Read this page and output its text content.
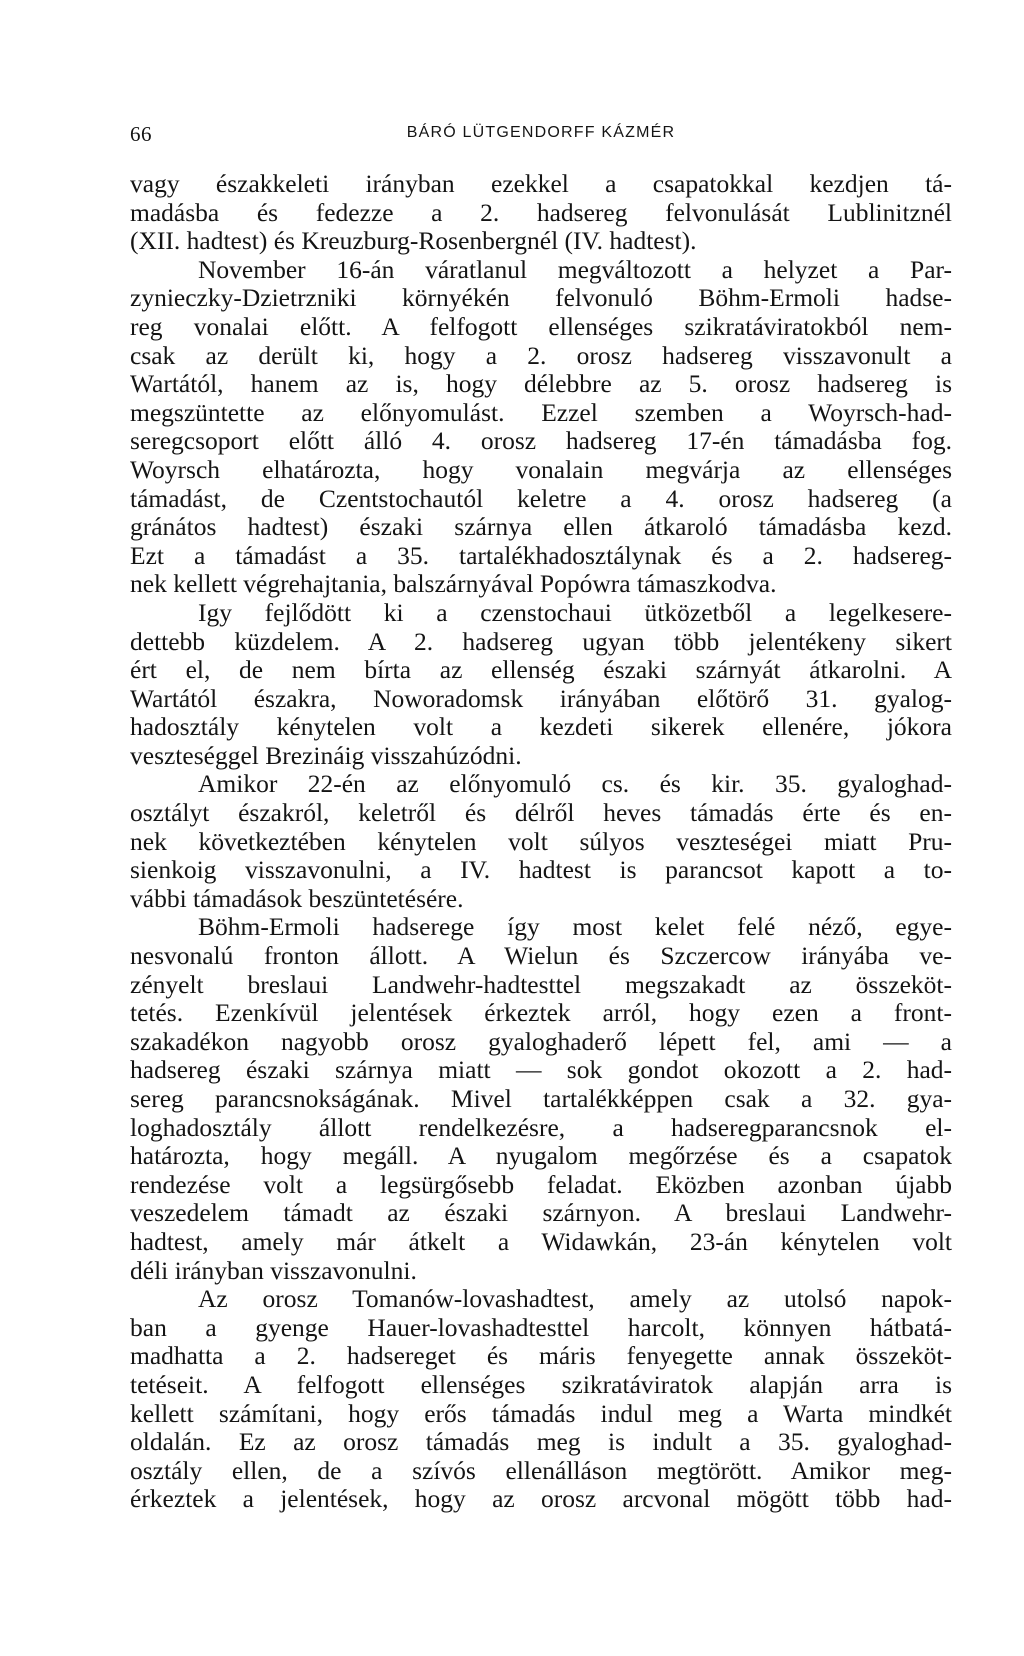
66	BÁRÓ LÜTGENDORFF KÁZMÉR
vagy északkeleti irányban ezekkel a csapatokkal kezdjen tá-
madásba és fedezze a 2. hadsereg felvonulását Lublinitznél
(XII. hadtest) és Kreuzburg-Rosenbergnél (IV. hadtest).
November 16-án váratlanul megváltozott a helyzet a Par-
zynieczky-Dzietrzniki környékén felvonuló Böhm-Ermoli hadse-
reg vonalai előtt. A felfogott ellenséges szikratáviratokból nem-
csak az derült ki, hogy a 2. orosz hadsereg visszavonult a
Wartától, hanem az is, hogy délebbre az 5. orosz hadsereg is
megszüntette az előnyomulást. Ezzel szemben a Woyrsch-had-
seregcsoport előtt álló 4. orosz hadsereg 17-én támadásba fog.
Woyrsch elhatározta, hogy vonalain megvárja az ellenséges
támadást, de Czentstochautól keletre a 4. orosz hadsereg (a
gránátos hadtest) északi szárnya ellen átkaroló támadásba kezd.
Ezt a támadást a 35. tartalékhadosztálynak és a 2. hadsereg-
nek kellett végrehajtania, balszárnyával Popówra támaszkodva.
Igy fejlődött ki a czenstochaui ütközetből a legelkesere-
dettebb küzdelem. A 2. hadsereg ugyan több jelentékeny sikert
ért el, de nem bírta az ellenség északi szárnyát átkarolni. A
Wartától északra, Noworadomsk irányában előtörő 31. gyalog-
hadosztály kénytelen volt a kezdeti sikerek ellenére, jókora
veszteséggel Brezináig visszahúzódni.
Amikor 22-én az előnyomuló cs. és kir. 35. gyaloghad-
osztályt északról, keletről és délről heves támadás érte és en-
nek következtében kénytelen volt súlyos veszteségei miatt Pru-
sienkoig visszavonulni, a IV. hadtest is parancsot kapott a to-
vábbi támadások beszüntetésére.
Böhm-Ermoli hadserege így most kelet felé néző, egye-
nesvonalú fronton állott. A Wielun és Szczercow irányába ve-
zényelt breslaui Landwehr-hadtesttel megszakadt az összeköt-
tetés. Ezenkívül jelentések érkeztek arról, hogy ezen a front-
szakadékon nagyobb orosz gyaloghaderő lépett fel, ami — a
hadsereg északi szárnya miatt — sok gondot okozott a 2. had-
sereg parancsnokságának. Mivel tartalékképpen csak a 32. gya-
loghadosztály állott rendelkezésre, a hadseregparancsnok el-
határozta, hogy megáll. A nyugalom megőrzése és a csapatok
rendezése volt a legsürgősebb feladat. Eközben azonban újabb
veszedelem támadt az északi szárnyon. A breslaui Landwehr-
hadtest, amely már átkelt a Widawkán, 23-án kénytelen volt
déli irányban visszavonulni.
Az orosz Tomanów-lovashadtest, amely az utolsó napok-
ban a gyenge Hauer-lovashadtesttel harcolt, könnyen hátbatá-
madhatta a 2. hadsereget és máris fenyegette annak összeköt-
tetéseit. A felfogott ellenséges szikratáviratok alapján arra is
kellett számítani, hogy erős támadás indul meg a Warta mindkét
oldalán. Ez az orosz támadás meg is indult a 35. gyaloghad-
osztály ellen, de a szívós ellenálláson megtörött. Amikor meg-
érkeztek a jelentések, hogy az orosz arcvonal mögött több had-
